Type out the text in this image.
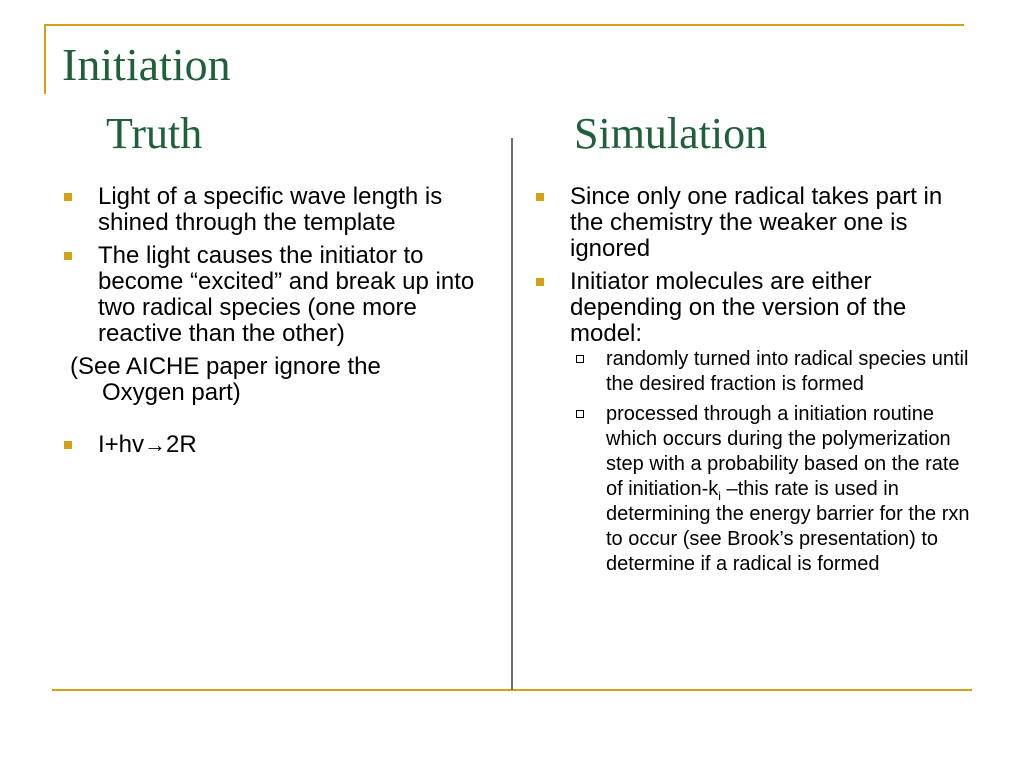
Initiation
Truth	Simulation
Light of a specific wave length is shined through the template
The light causes the initiator to become “excited” and break up into two radical species (one more reactive than the other)
(See AICHE paper ignore the
Oxygen part)
I+hv→2R
Since only one radical takes part in the chemistry the weaker one is ignored
Initiator molecules are either depending on the version of the model:
randomly turned into radical species until the desired fraction is formed
processed through a initiation routine which occurs during the polymerization step with a probability based on the rate of initiation-$k_i$ –this rate is used in determining the energy barrier for the rxn to occur (see Brook’s presentation) to determine if a radical is formed
